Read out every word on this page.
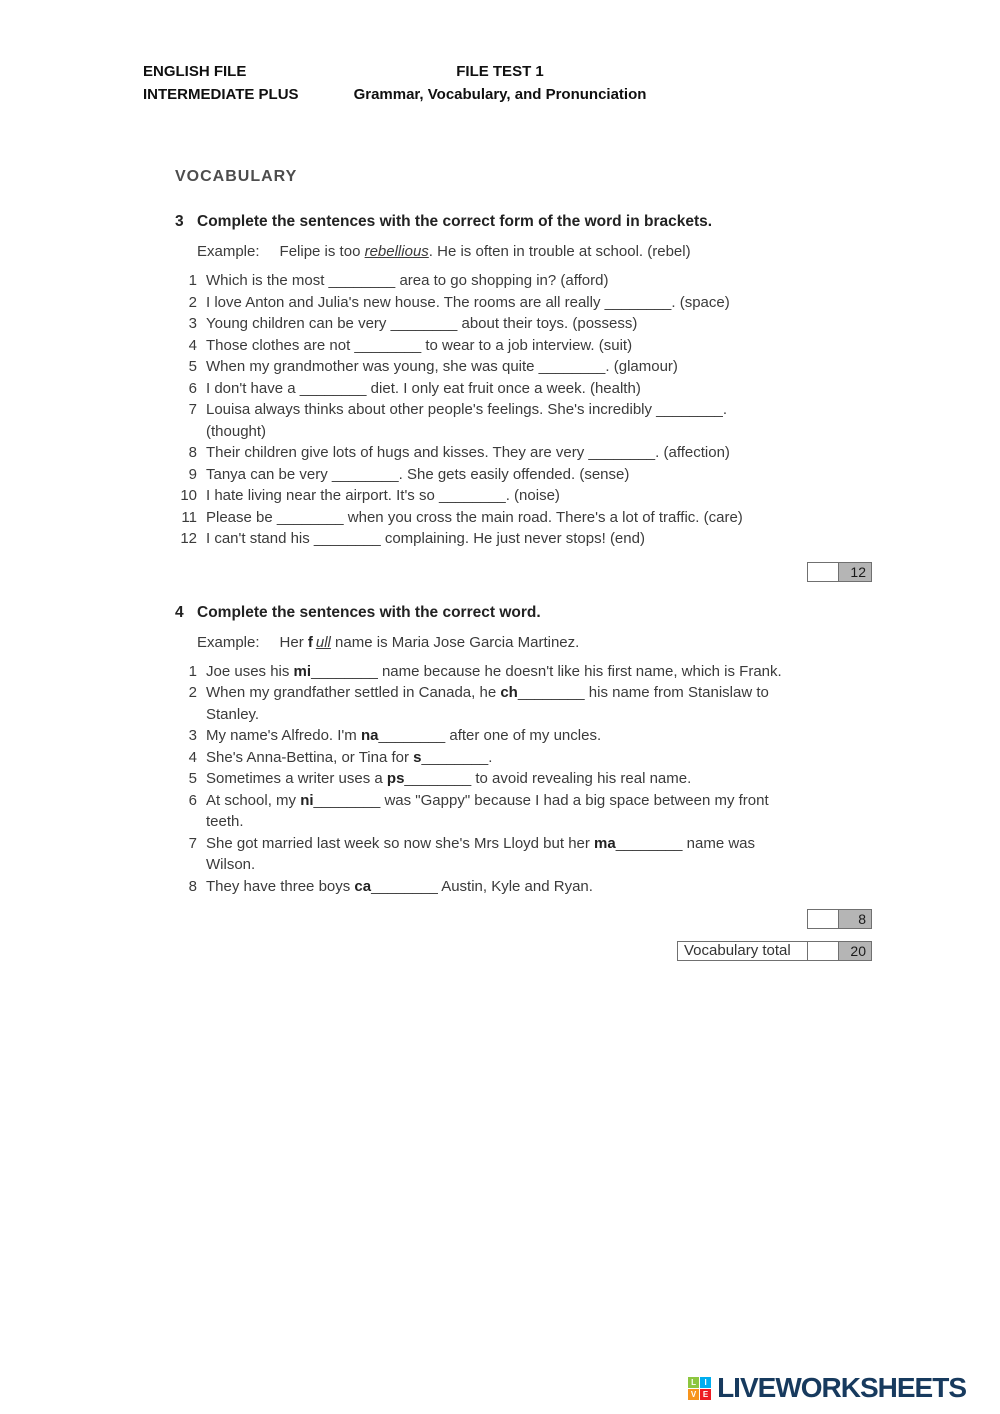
ENGLISH FILE
INTERMEDIATE PLUS
FILE TEST 1
Grammar, Vocabulary, and Pronunciation
VOCABULARY
3 Complete the sentences with the correct form of the word in brackets.
Example: Felipe is too rebellious. He is often in trouble at school. (rebel)
1 Which is the most ________ area to go shopping in? (afford)
2 I love Anton and Julia's new house. The rooms are all really ________. (space)
3 Young children can be very ________ about their toys. (possess)
4 Those clothes are not ________ to wear to a job interview. (suit)
5 When my grandmother was young, she was quite ________. (glamour)
6 I don't have a ________ diet. I only eat fruit once a week. (health)
7 Louisa always thinks about other people's feelings. She's incredibly ________.
(thought)
8 Their children give lots of hugs and kisses. They are very ________. (affection)
9 Tanya can be very ________. She gets easily offended. (sense)
10 I hate living near the airport. It's so ________. (noise)
11 Please be ________ when you cross the main road. There's a lot of traffic. (care)
12 I can't stand his ________ complaining. He just never stops! (end)
12
4 Complete the sentences with the correct word.
Example: Her f ull name is Maria Jose Garcia Martinez.
1 Joe uses his mi________ name because he doesn't like his first name, which is Frank.
2 When my grandfather settled in Canada, he ch________ his name from Stanislaw to
Stanley.
3 My name's Alfredo. I'm na________ after one of my uncles.
4 She's Anna-Bettina, or Tina for s________.
5 Sometimes a writer uses a ps________ to avoid revealing his real name.
6 At school, my ni________ was "Gappy" because I had a big space between my front
teeth.
7 She got married last week so now she's Mrs Lloyd but her ma________ name was
Wilson.
8 They have three boys ca________ Austin, Kyle and Ryan.
8
Vocabulary total	20
L	I
V E LIVEWORKSHEETS
